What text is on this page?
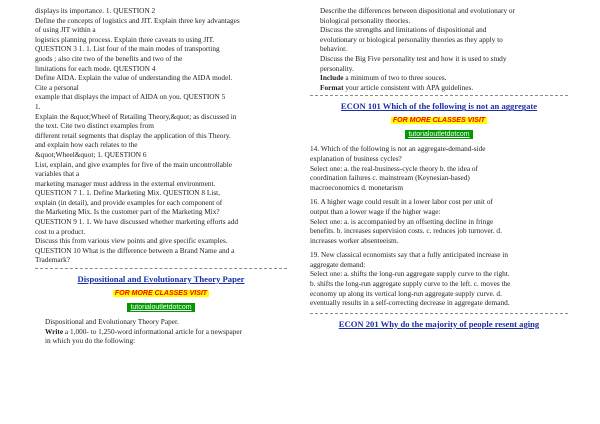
displays its importance. 1. QUESTION 2
Define the concepts of logistics and JIT. Explain three key advantages
of using JIT within a
logistics planning process. Explain three caveats to using JIT.
QUESTION 3 1. 1. List four of the main modes of transporting
goods ; also cite two of the benefits and two of the
limitations for each mode. QUESTION 4
Define AIDA. Explain the value of understanding the AIDA model.
Cite a personal
example that displays the impact of AIDA on you. QUESTION 5
1.
Explain the &quot;Wheel of Retailing Theory,&quot; as discussed in
the text. Cite two distinct examples from
different retail segments that display the application of this Theory.
and explain how each relates to the
&quot;Wheel&quot; 1. QUESTION 6
List, explain, and give examples for five of the main uncontrollable
variables that a
marketing manager must address in the external environment.
QUESTION 7 1. 1. Define Marketing Mix. QUESTION 8 List,
explain (in detail), and provide examples for each component of
the Marketing Mix. Is the customer part of the Marketing Mix?
QUESTION 9 1. 1. We have discussed whether marketing efforts add
cost to a product.
Discuss this from various view points and give specific examples.
QUESTION 10 What is the difference between a Brand Name and a
Trademark?
Dispositional and Evolutionary Theory Paper
FOR MORE CLASSES VISIT
tutorialoutletdotcom
Dispositional and Evolutionary Theory Paper.
Write a 1,000- to 1,250-word informational article for a newspaper
in which you do the following:
Describe the differences between dispositional and evolutionary or
biological personality theories.
Discuss the strengths and limitations of dispositional and
evolutionary or biological personality theories as they apply to
behavior.
Discuss the Big Five personality test and how it is used to study
personality.
Include a minimum of two to three souces.
Format your article consistent with APA guidelines.
ECON 101 Which of the following is not an aggregate
FOR MORE CLASSES VISIT
tutorialoutletdotcom
14. Which of the following is not an aggregate-demand-side
explanation of business cycles?
Select one: a. the real-business-cycle theory b. the idea of
coordination failures c. mainstream (Keynesian-based)
macroeconomics d. monetarism
16. A higher wage could result in a lower labor cost per unit of
output than a lower wage if the higher wage:
Select one: a. is accompanied by an offsetting decline in fringe
benefits. b. increases supervision costs. c. reduces job turnover. d.
increases worker absenteeism.
19. New classical economists say that a fully anticipated increase in
aggregate demand:
Select one: a. shifts the long-run aggregate supply curve to the right.
b. shifts the long-run aggregate supply curve to the left. c. moves the
economy up along its vertical long-run aggregate supply curve. d.
eventually results in a self-correcting decrease in aggregate demand.
ECON 201 Why do the majority of people resent aging
